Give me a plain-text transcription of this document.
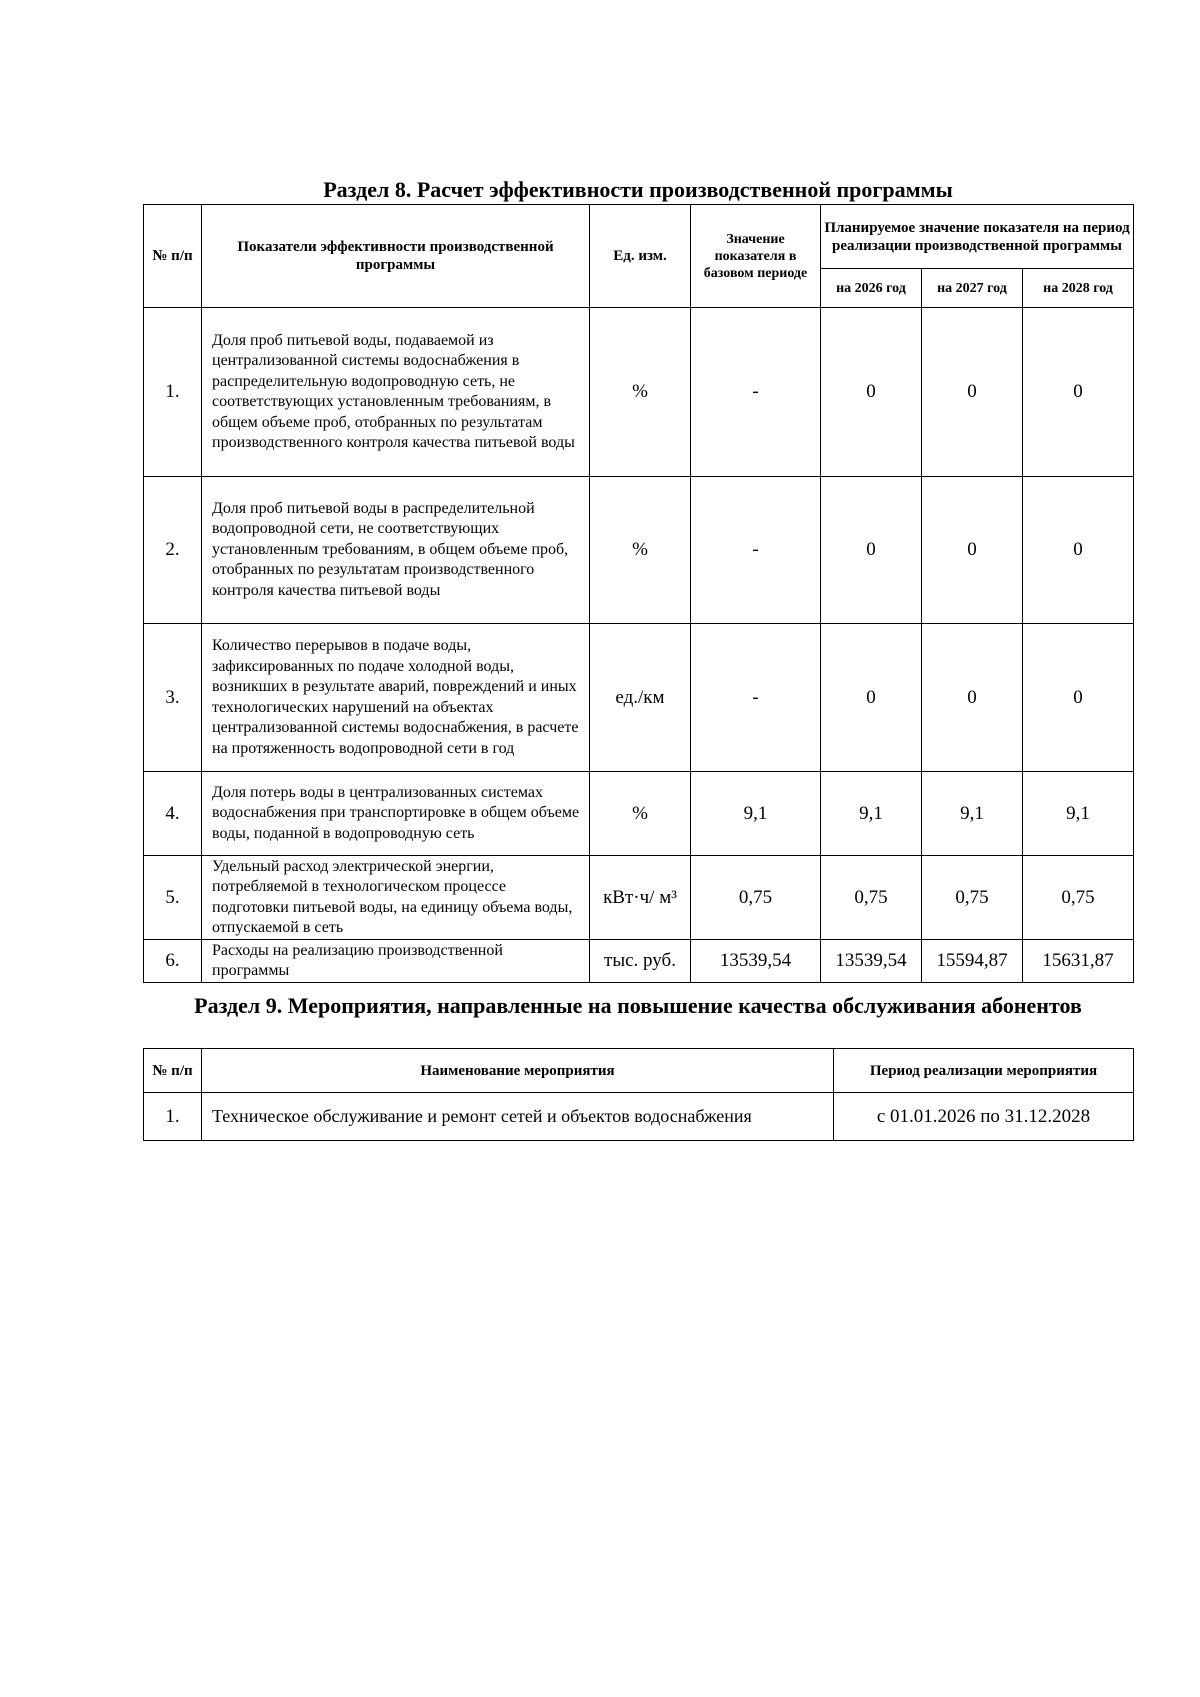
Раздел 8. Расчет эффективности производственной программы
№ п/п	Показатели эффективности производственной программы	Ед. изм.	Значение показателя в базовом периоде	Планируемое значение показателя на период реализации производственной программы		
				на 2026 год	на 2027 год	на 2028 год
1.	Доля проб питьевой воды, подаваемой из централизованной системы водоснабжения в распределительную водопроводную сеть, не соответствующих установленным требованиям, в общем объеме проб, отобранных по результатам производственного контроля качества питьевой воды	%	-	0	0	0
2.	Доля проб питьевой воды в распределительной водопроводной сети, не соответствующих установленным требованиям, в общем объеме проб, отобранных по результатам производственного контроля качества питьевой воды	%	-	0	0	0
3.	Количество перерывов в подаче воды, зафиксированных по подаче холодной воды, возникших в результате аварий, повреждений и иных технологических нарушений на объектах централизованной системы водоснабжения, в расчете на протяженность водопроводной сети в год	ед./км	-	0	0	0
4.	Доля потерь воды в централизованных системах водоснабжения при транспортировке в общем объеме воды, поданной в водопроводную сеть	%	9,1	9,1	9,1	9,1
5.	Удельный расход электрической энергии, потребляемой в технологическом процессе подготовки питьевой воды, на единицу объема воды, отпускаемой в сеть	кВт·ч/ м³	0,75	0,75	0,75	0,75
6.	Расходы на реализацию производственной программы	тыс. руб.	13539,54	13539,54	15594,87	15631,87
Раздел 9. Мероприятия, направленные на повышение качества обслуживания абонентов
№ п/п	Наименование мероприятия	Период реализации мероприятия
1.	Техническое обслуживание и ремонт сетей и объектов водоснабжения	с 01.01.2026 по 31.12.2028
